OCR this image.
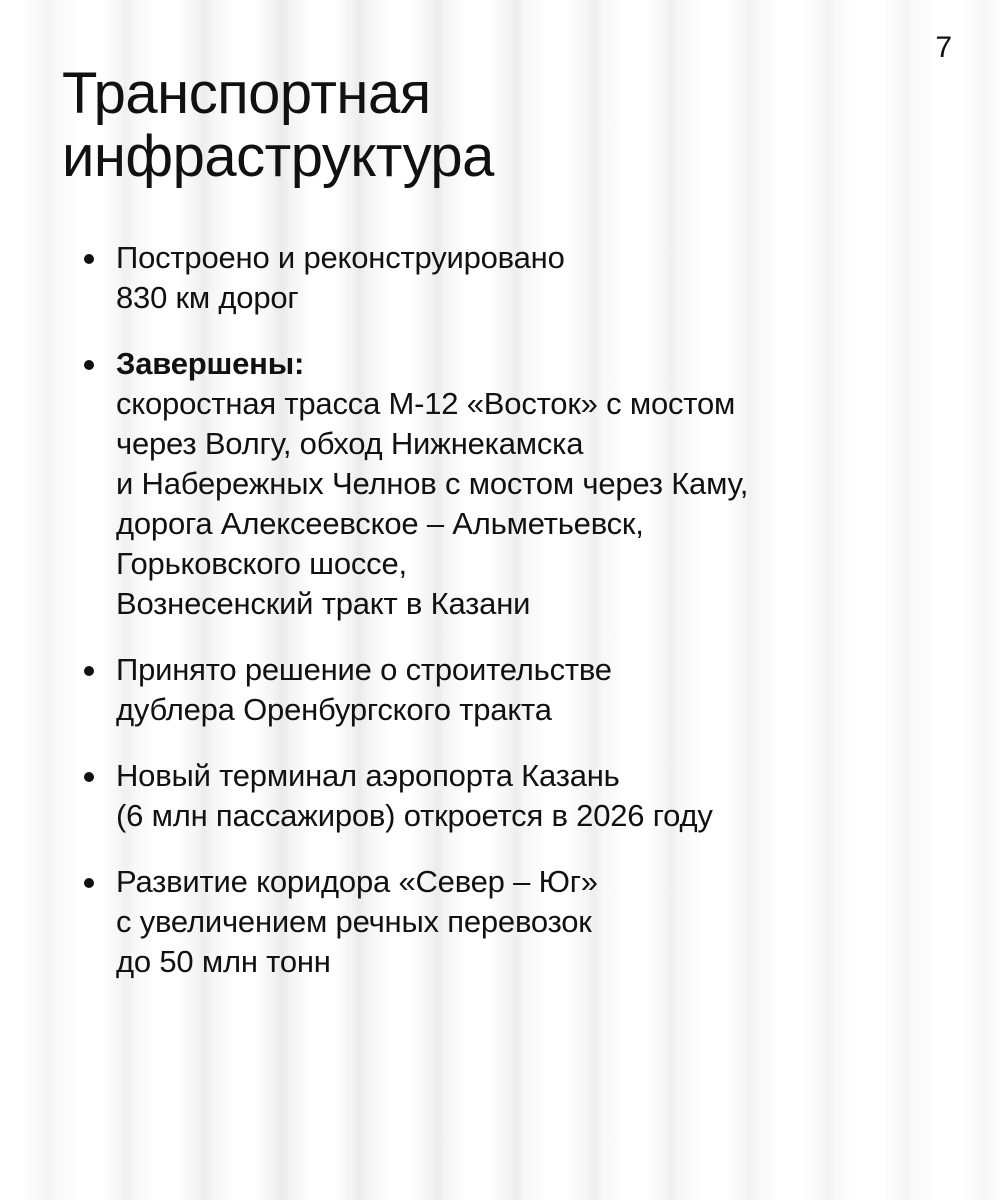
7
Транспортная
инфраструктура
Построено и реконструировано
830 км дорог
Завершены:
скоростная трасса М-12 «Восток» с мостом
через Волгу, обход Нижнекамска
и Набережных Челнов с мостом через Каму,
дорога Алексеевское – Альметьевск,
Горьковского шоссе,
Вознесенский тракт в Казани
Принято решение о строительстве
дублера Оренбургского тракта
Новый терминал аэропорта Казань
(6 млн пассажиров) откроется в 2026 году
Развитие коридора «Север – Юг»
с увеличением речных перевозок
до 50 млн тонн
